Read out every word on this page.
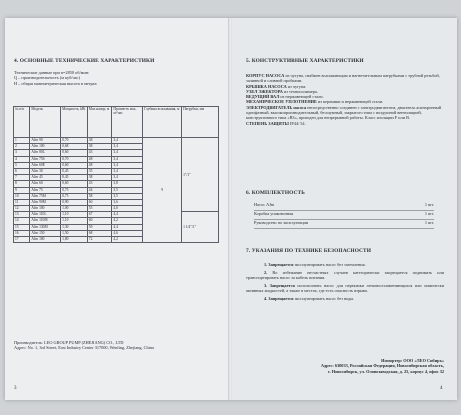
4. ОСНОВНЫЕ ТЕХНИЧЕСКИЕ ХАРАКТЕРИСТИКИ
Технические данные при n=2850 об/мин:
Q – производительность (м куб/час)
H – общая манометрическая высота в метрах
№ п/п	Модель	Мощность, kBt	Max напор, м	Произв-ть мах, м³/час	Глубина всасывания, м	Патрубки, мм
1	AJm 90	0,70	38	3,4	9	1"/1"
2	AJm 100	0,68	38	3,4		
3	AJm 80L	0,60	43	3,4		
4	AJm 75S	0,70	48	3,4		
5	AJm 60E	0,60	48	3,4		
6	AJm 30	0,45	35	3,4		
7	AJm 45	0,45	38	3,4		
8	AJm 60	0,60	43	3,8		
9	AJm 75	0,75	44	3,5		
10	AJm 75M	0,75	58	3,5		
11	AJm 90M	0,90	60	3,6		
12	AJm 100	1,00	55	4,0		
13	AJm 110L	1,10	67	4,4		1 1/4"/1"
14	AJm 110M	1,10	60	4,2		
15	AJm 130M	1,30	59	4,4		
16	AJm 150	1,50	68	4,6		
17	AJm 180	1,80	72	4,2		
Производитель: LEO GROUP PUMP (ZHEJIANG) CO., LTD
Адрес: No. 1, 3rd Street, East Industry Center 317000, Wenling, Zhejiang, China
3
5. КОНСТРУКТИВНЫЕ ХАРАКТЕРИСТИКИ
КОРПУС НАСОСА из чугуна, снабжен всасывающим и нагнетательным патрубками с трубной резьбой, заливной и сливной пробками.
КРЫШКА НАСОСА из чугуна.
УЗЕЛ ЭЖЕКТОРА из технополимера.
ВЕДУЩИЙ ВАЛ из нержавеющей стали.
МЕХАНИЧЕСКОЕ УПЛОТНЕНИЕ из керамики и нержавеющей стали.
ЭЛЕКТРОДВИГАТЕЛЬ насоса непосредственно соединен с электродвигателем, двигатель асинхронный однофазный, высокопроизводительный, бесшумный, закрытого типа с воздушной вентиляцией, конструктивного типа «В3», пригоден для непрерывной работы. Класс изоляции F или B.
СТЕПЕНЬ ЗАЩИТЫ IP44/ 54.
6. КОМПЛЕКТНОСТЬ
Насос AJm	1 шт.
Коробка упаковочная	1 шт.
Руководство по эксплуатации	1 шт.
7. УКАЗАНИЯ ПО ТЕХНИКЕ БЕЗОПАСНОСТИ

1. Запрещается эксплуатировать насос без заземления.

2. Во избежание несчастных случаев категорически запрещается поднимать или транспортировать насос за кабель питания.

3. Запрещается использовать насос для перекачки легковоспламеняющихся или химически активных жидкостей, а также в местах, где есть опасность взрыва.

4. Запрещается эксплуатировать насос без воды.

Импортер: ООО «ЛЕО Сибирь»
Адрес: 630033, Российская Федерация, Новосибирская область,
г. Новосибирск, ул. Оловозаводская, д. 25, корпус 4, офис 32
4
